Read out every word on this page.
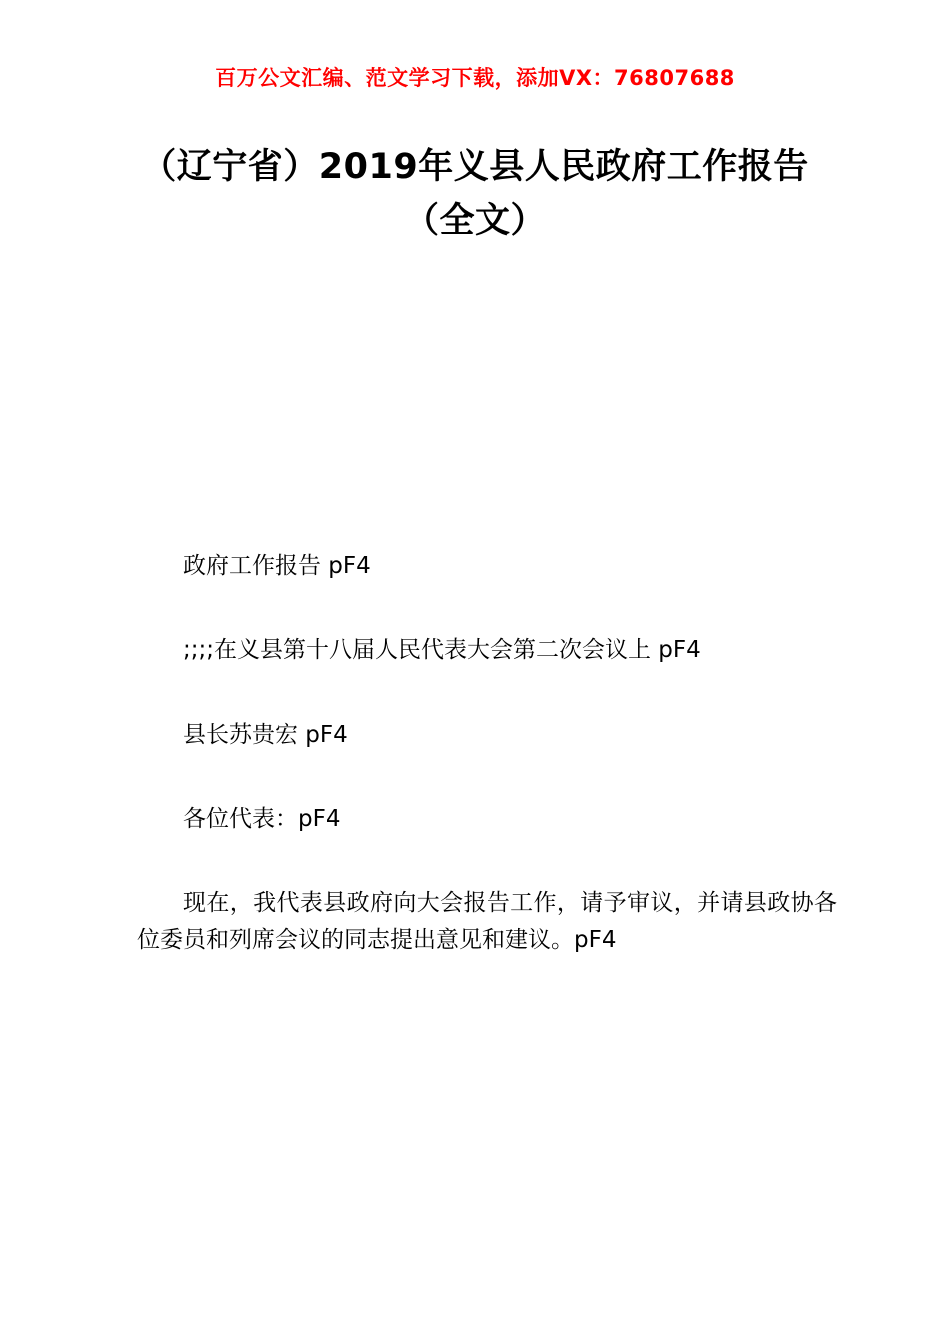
百万公文汇编、范文学习下载，添加VX：76807688
（辽宁省）2019年义县人民政府工作报告
（全文）

政府工作报告 pF4

;;;;在义县第十八届人民代表大会第二次会议上 pF4

县长苏贵宏 pF4

各位代表：pF4

现在，我代表县政府向大会报告工作，请予审议，并请县政协各位委员和列席会议的同志提出意见和建议。pF4
